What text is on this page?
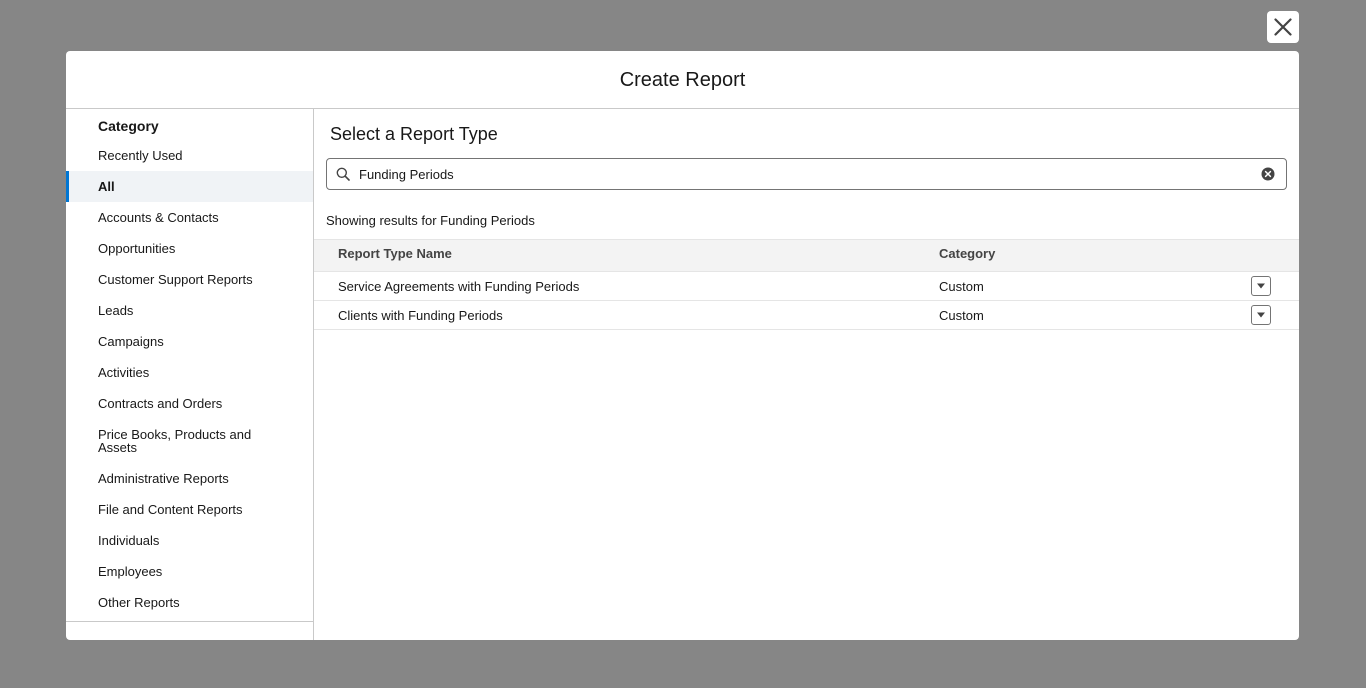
Create Report
Category
Recently Used
All
Accounts & Contacts
Opportunities
Customer Support Reports
Leads
Campaigns
Activities
Contracts and Orders
Price Books, Products and Assets
Administrative Reports
File and Content Reports
Individuals
Employees
Other Reports
Select a Report Type
Funding Periods

Showing results for Funding Periods

Report Type Name	Category
Service Agreements with Funding Periods	Custom
Clients with Funding Periods	Custom
